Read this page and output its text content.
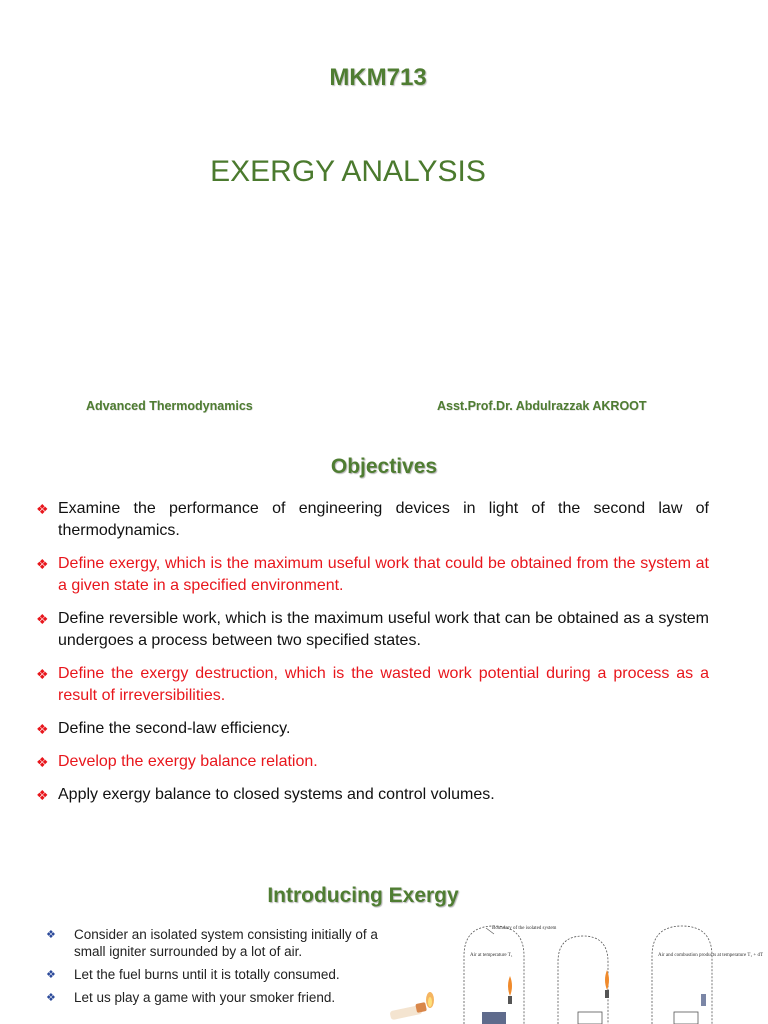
MKM713
EXERGY ANALYSIS
Advanced Thermodynamics	Asst.Prof.Dr. Abdulrazzak AKROOT
Objectives
❖ Examine the performance of engineering devices in light of the second law of thermodynamics.
❖ Define exergy, which is the maximum useful work that could be obtained from the system at a given state in a specified environment.
❖ Define reversible work, which is the maximum useful work that can be obtained as a system undergoes a process between two specified states.
❖ Define the exergy destruction, which is the wasted work potential during a process as a result of irreversibilities.
❖ Define the second-law efficiency.
❖ Develop the exergy balance relation.
❖ Apply exergy balance to closed systems and control volumes.
Introducing Exergy
❖ Consider an isolated system consisting initially of a small igniter surrounded by a lot of air.
❖ Let the fuel burns until it is totally consumed.
❖ Let us play a game with your smoker friend.
Boundary of the isolated system
Air at temperature T₁	Air and combustion products at temperature T₁ + dT
